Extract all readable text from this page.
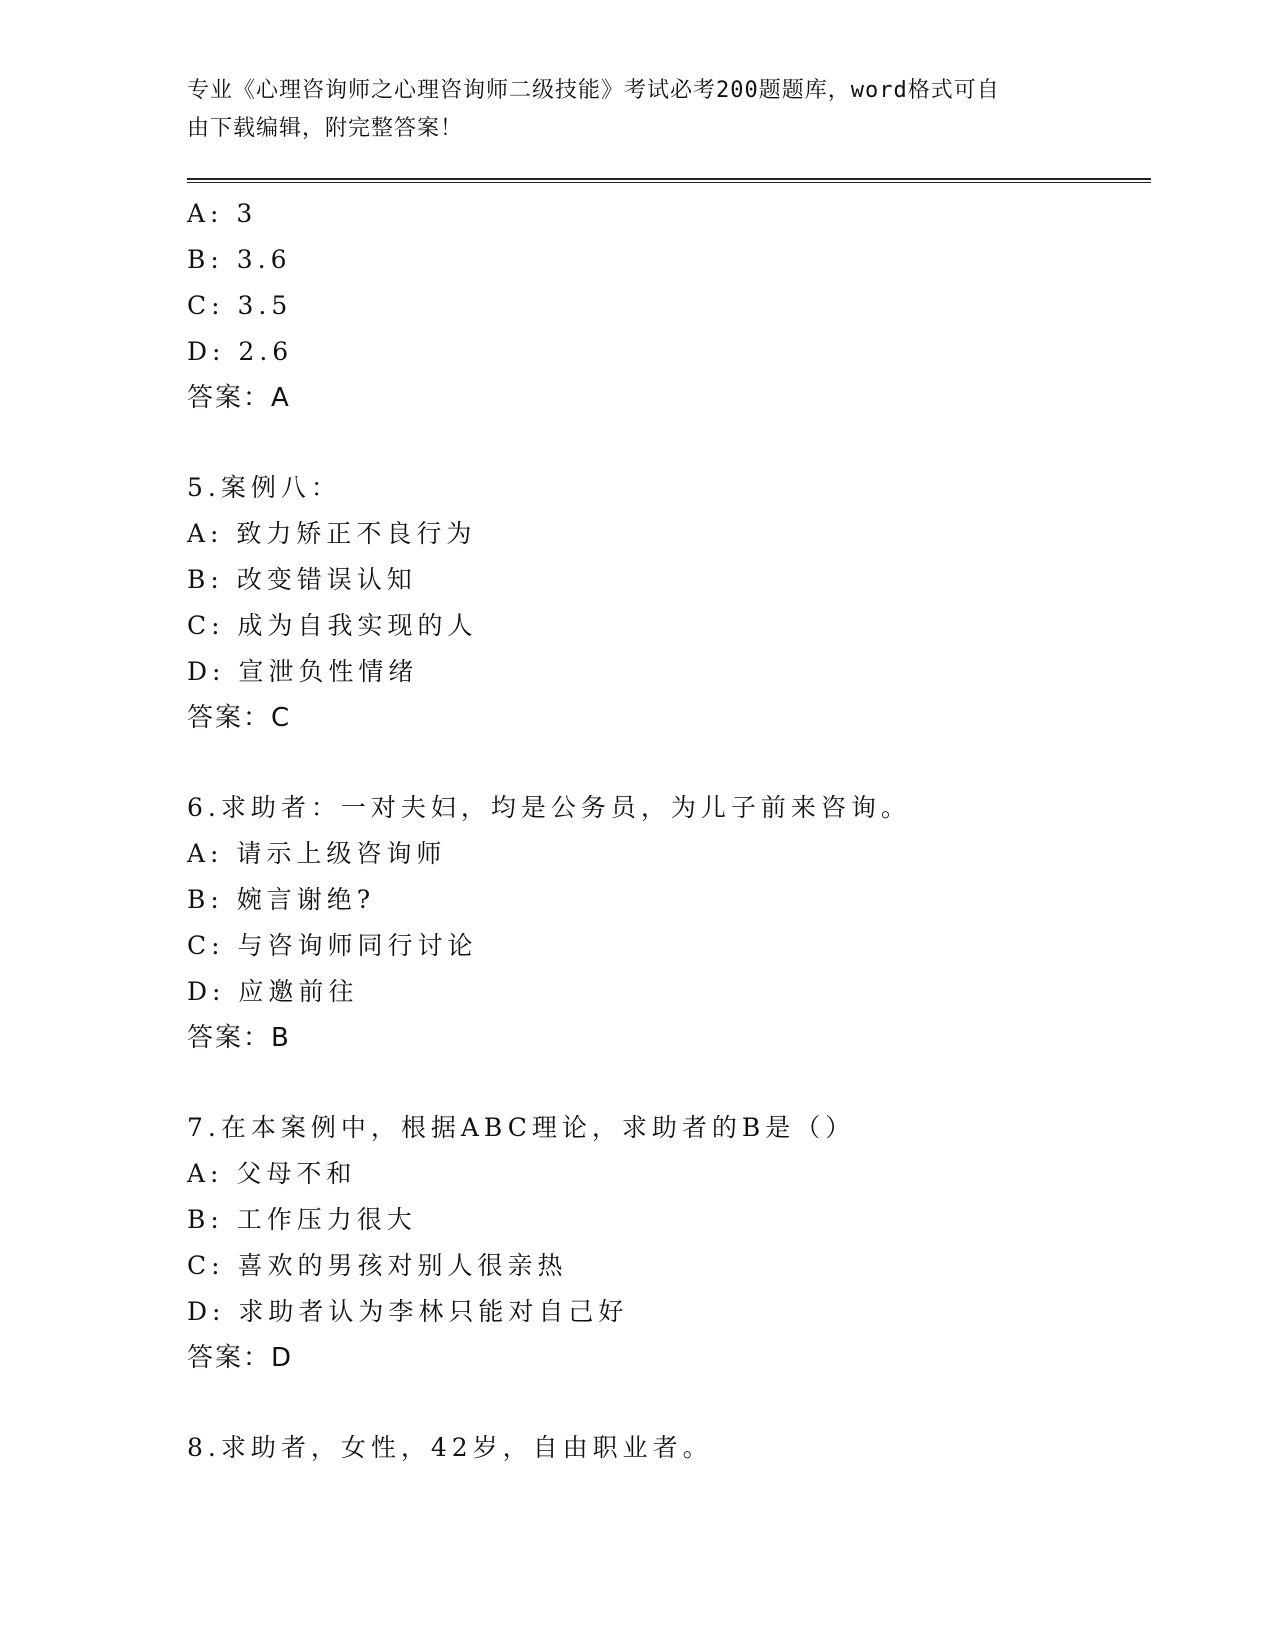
专业《心理咨询师之心理咨询师二级技能》考试必考200题题库，word格式可自
由下载编辑，附完整答案！
A: 3
B: 3.6
C: 3.5
D: 2.6
答案：A
5.案例八：
A: 致力矫正不良行为
B: 改变错误认知
C: 成为自我实现的人
D: 宣泄负性情绪
答案：C
6.求助者：一对夫妇，均是公务员，为儿子前来咨询。
A: 请示上级咨询师
B: 婉言谢绝?
C: 与咨询师同行讨论
D: 应邀前往
答案：B
7.在本案例中，根据ABC理论，求助者的B是（）
A: 父母不和
B: 工作压力很大
C: 喜欢的男孩对别人很亲热
D: 求助者认为李林只能对自己好
答案：D
8.求助者，女性，42岁，自由职业者。
